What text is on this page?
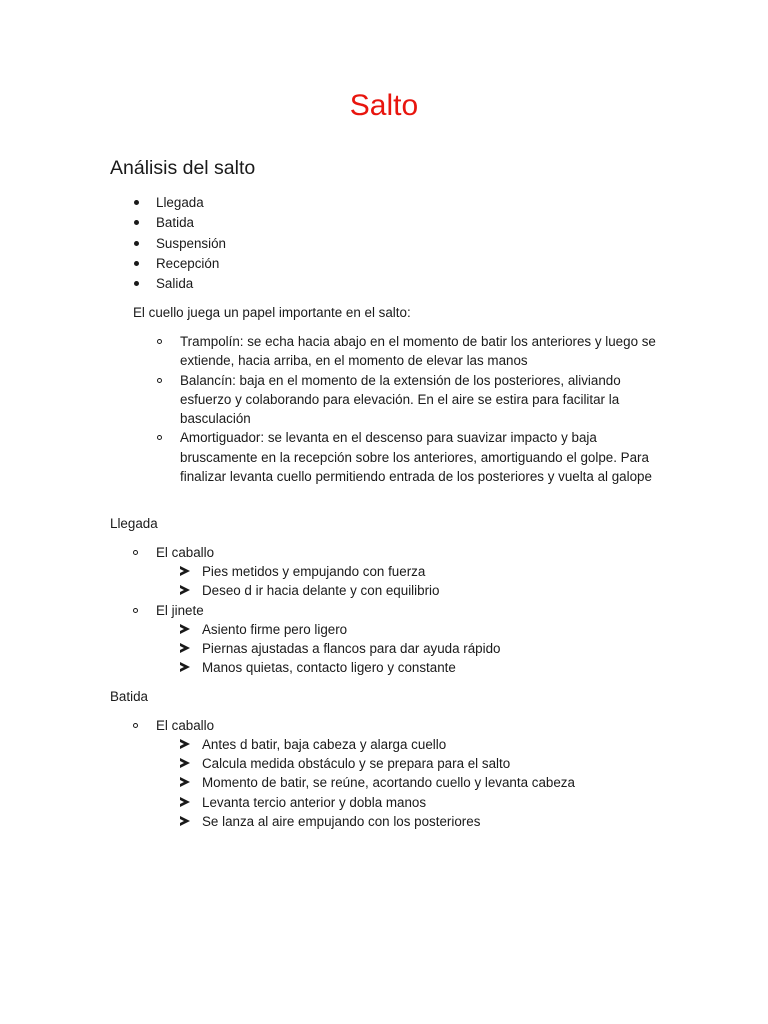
Salto
Análisis del salto
Llegada
Batida
Suspensión
Recepción
Salida
El cuello juega un papel importante en el salto:
Trampolín: se echa hacia abajo en el momento de batir los anteriores y luego se extiende, hacia arriba, en el momento de elevar las manos
Balancín: baja en el momento de la extensión de los posteriores, aliviando esfuerzo y colaborando para elevación. En el aire se estira para facilitar la basculación
Amortiguador: se levanta en el descenso para suavizar impacto y baja bruscamente en la recepción sobre los anteriores, amortiguando el golpe. Para finalizar levanta cuello permitiendo entrada de los posteriores y vuelta al galope
Llegada
El caballo
Pies metidos y empujando con fuerza
Deseo d ir hacia delante y con equilibrio
El jinete
Asiento firme pero ligero
Piernas ajustadas a flancos para dar ayuda rápido
Manos quietas, contacto ligero y constante
Batida
El caballo
Antes d batir, baja cabeza y alarga cuello
Calcula medida obstáculo y se prepara para el salto
Momento de batir, se reúne, acortando cuello y levanta cabeza
Levanta tercio anterior y dobla manos
Se lanza al aire empujando con los posteriores
